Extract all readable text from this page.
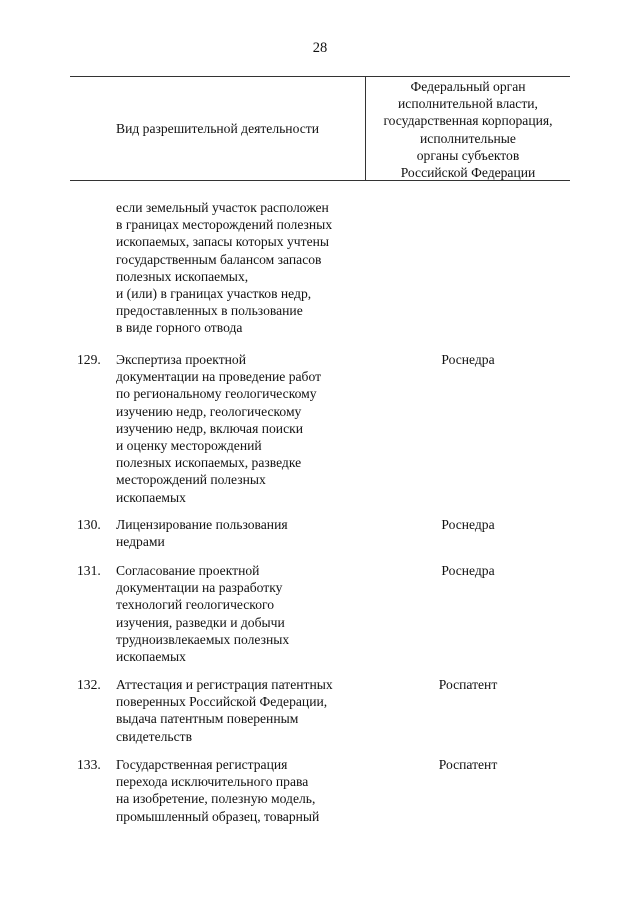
28
Вид разрешительной деятельности
Федеральный орган
исполнительной власти,
государственная корпорация,
исполнительные
органы субъектов
Российской Федерации
если земельный участок расположен
в границах месторождений полезных
ископаемых, запасы которых учтены
государственным балансом запасов
полезных ископаемых,
и (или) в границах участков недр,
предоставленных в пользование
в виде горного отвода
129. Экспертиза проектной
документации на проведение работ
по региональному геологическому
изучению недр, геологическому
изучению недр, включая поиски
и оценку месторождений
полезных ископаемых, разведке
месторождений полезных
ископаемых
Роснедра
130. Лицензирование пользования
недрами
Роснедра
131. Согласование проектной
документации на разработку
технологий геологического
изучения, разведки и добычи
трудноизвлекаемых полезных
ископаемых
Роснедра
132. Аттестация и регистрация патентных
поверенных Российской Федерации,
выдача патентным поверенным
свидетельств
Роспатент
133. Государственная регистрация
перехода исключительного права
на изобретение, полезную модель,
промышленный образец, товарный
Роспатент
